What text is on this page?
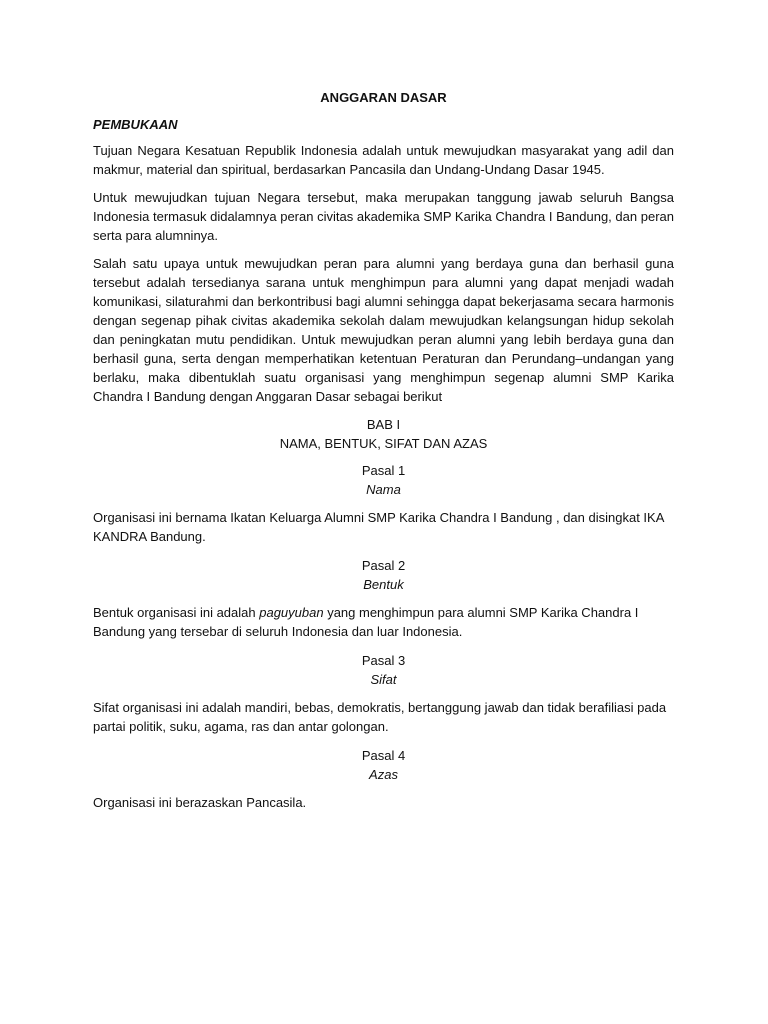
ANGGARAN DASAR

PEMBUKAAN

Tujuan Negara Kesatuan Republik Indonesia adalah untuk mewujudkan masyarakat yang adil dan makmur, material dan spiritual, berdasarkan Pancasila dan Undang-Undang Dasar 1945.

Untuk mewujudkan tujuan Negara tersebut, maka merupakan tanggung jawab seluruh Bangsa Indonesia termasuk didalamnya peran civitas akademika SMP Karika Chandra I Bandung, dan peran serta para alumninya.

Salah satu upaya untuk mewujudkan peran para alumni yang berdaya guna dan berhasil guna tersebut adalah tersedianya sarana untuk menghimpun para alumni yang dapat menjadi wadah komunikasi, silaturahmi dan berkontribusi bagi alumni sehingga dapat bekerjasama secara harmonis dengan segenap pihak civitas akademika sekolah dalam mewujudkan kelangsungan hidup sekolah dan peningkatan mutu pendidikan. Untuk mewujudkan peran alumni yang lebih berdaya guna dan berhasil guna, serta dengan memperhatikan ketentuan Peraturan dan Perundang–undangan yang berlaku, maka dibentuklah suatu organisasi yang menghimpun segenap alumni SMP Karika Chandra I Bandung dengan Anggaran Dasar sebagai berikut

BAB I

NAMA, BENTUK, SIFAT DAN AZAS

Pasal 1

Nama

Organisasi ini bernama Ikatan Keluarga Alumni SMP Karika Chandra I Bandung , dan disingkat IKA KANDRA Bandung.

Pasal 2

Bentuk

Bentuk organisasi ini adalah paguyuban yang menghimpun para alumni SMP Karika Chandra I Bandung yang tersebar di seluruh Indonesia dan luar Indonesia.

Pasal 3

Sifat

Sifat organisasi ini adalah mandiri, bebas, demokratis, bertanggung jawab dan tidak berafiliasi pada partai politik, suku, agama, ras dan antar golongan.

Pasal 4

Azas

Organisasi ini berazaskan Pancasila.
